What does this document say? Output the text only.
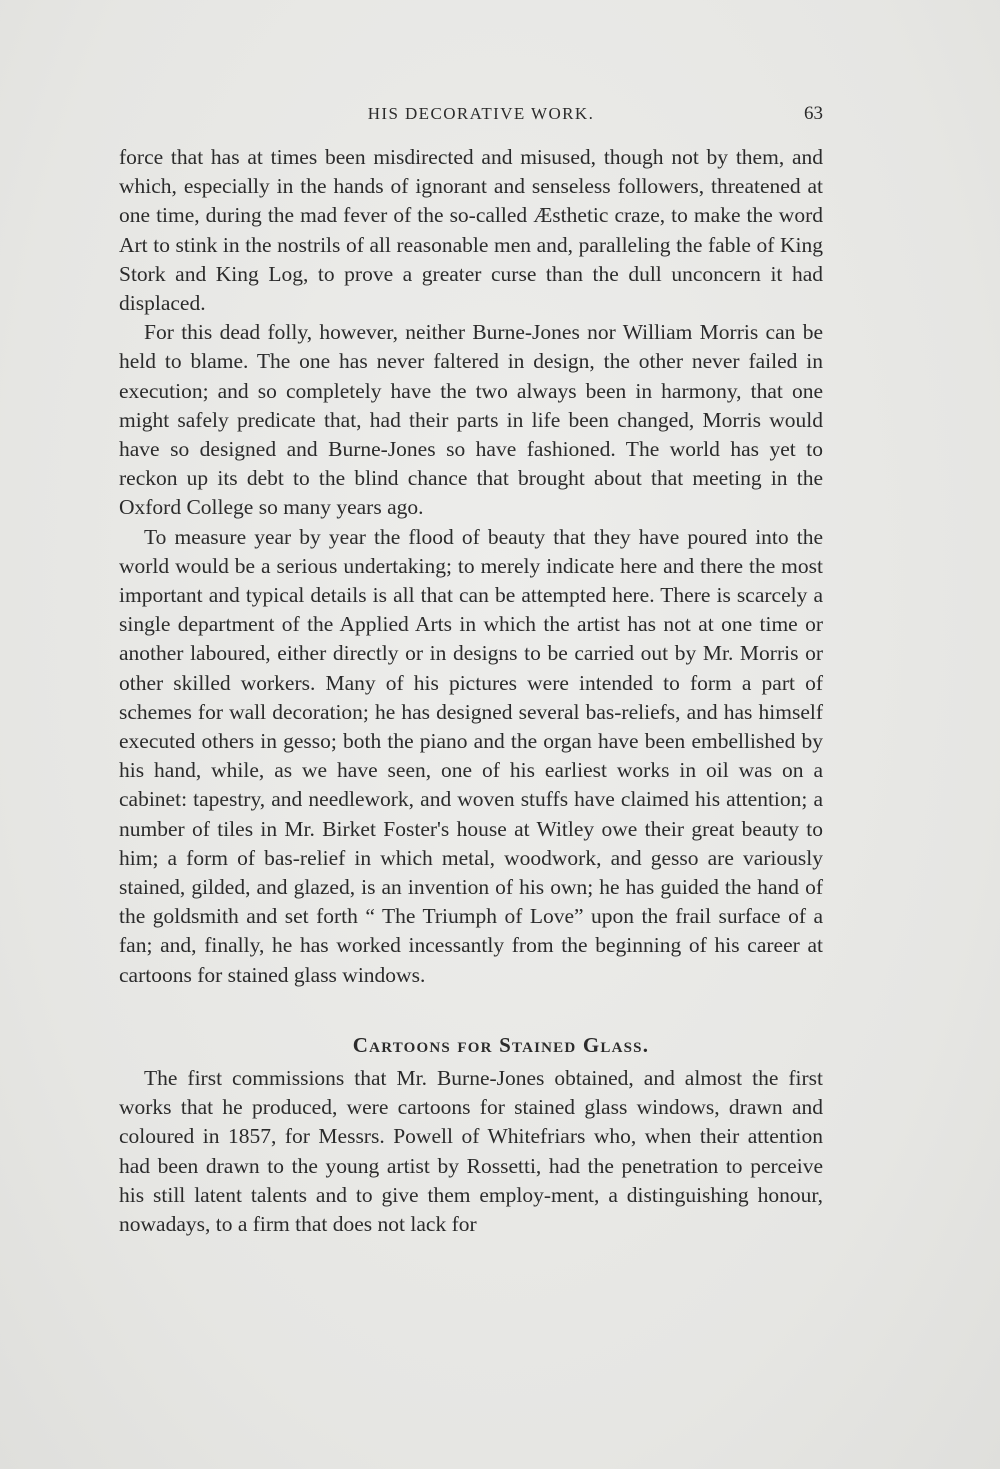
HIS DECORATIVE WORK.	63

force that has at times been misdirected and misused, though not by them, and which, especially in the hands of ignorant and senseless followers, threatened at one time, during the mad fever of the so-called Æsthetic craze, to make the word Art to stink in the nostrils of all reasonable men and, paralleling the fable of King Stork and King Log, to prove a greater curse than the dull unconcern it had displaced.

For this dead folly, however, neither Burne-Jones nor William Morris can be held to blame. The one has never faltered in design, the other never failed in execution; and so completely have the two always been in harmony, that one might safely predicate that, had their parts in life been changed, Morris would have so designed and Burne-Jones so have fashioned. The world has yet to reckon up its debt to the blind chance that brought about that meeting in the Oxford College so many years ago.

To measure year by year the flood of beauty that they have poured into the world would be a serious undertaking; to merely indicate here and there the most important and typical details is all that can be attempted here. There is scarcely a single department of the Applied Arts in which the artist has not at one time or another laboured, either directly or in designs to be carried out by Mr. Morris or other skilled workers. Many of his pictures were intended to form a part of schemes for wall decoration; he has designed several bas-reliefs, and has himself executed others in gesso; both the piano and the organ have been embellished by his hand, while, as we have seen, one of his earliest works in oil was on a cabinet: tapestry, and needlework, and woven stuffs have claimed his attention; a number of tiles in Mr. Birket Foster's house at Witley owe their great beauty to him; a form of bas-relief in which metal, woodwork, and gesso are variously stained, gilded, and glazed, is an invention of his own; he has guided the hand of the goldsmith and set forth “ The Triumph of Love” upon the frail surface of a fan; and, finally, he has worked incessantly from the beginning of his career at cartoons for stained glass windows.

Cartoons for Stained Glass.

The first commissions that Mr. Burne-Jones obtained, and almost the first works that he produced, were cartoons for stained glass windows, drawn and coloured in 1857, for Messrs. Powell of Whitefriars who, when their attention had been drawn to the young artist by Rossetti, had the penetration to perceive his still latent talents and to give them employ-ment, a distinguishing honour, nowadays, to a firm that does not lack for
